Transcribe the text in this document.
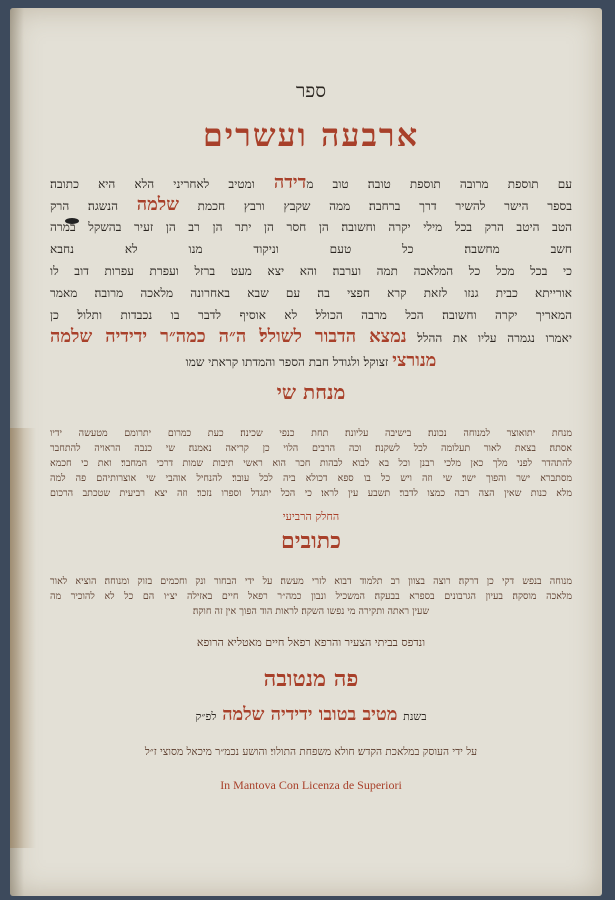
ספר
ארבעה ועשרים
עם תוספת מרובה תוספת טובה׃ טוב מדידה ומטיב לאחריני הלא היא כתובה׃
בספר הישר להשיר דרך ברחבה׃ ממה שקבץ ורבץ חכמת שלמה הנשגה׃ הרק
הטב היטב הרק בכל מילי יקרה וחשובה׃ הן חסר הן יתר הן רב הן זעיר בהשקל במרה
חשב מחשבה׃ כל טעם וניקוד מנו לא נחבא
כי בכל מכל כל המלאכה תמה וערבה׃ והא יצא מעט ברזל ועפרת עפרות דוב לו
אורייתא כבית גנזו לזאת קרא חפצי בה׃ עם שבא באחרונה מלאכה מרובה׃ מאמר
המאריך יקרה וחשובה׃ הכל מרבה הכולל׃ לא אוסיף לדבר בו נכבדות ותלול׃ כן
יאמרו נגמרה עליו את ההלל׃ נמצא הדבור לשולל׃ ה״ה כמה״ר ידידיה שלמה
מנורצי זצוקל׃ ולגודל חבת הספר והמדתו קראתי שמו
מנחת שי
מנחת יתואוצר למנוחה נכונה׃ בישיבה עליונה׃ תחת כנפי שכינה׃ כעת כמרום יתרומם מטעשה ידיו
אסתה׃ בצאת לאור תעלומה לכל לשקנה׃ וכה הרבים הלוי כן קריאה נאמנה׃ שי כנבה הראויה להתחבר
להתהדר לפני מלך כאן מלכי רבנן וכל בא לבוא לבהות חכר הוא ראשי תיבות שמות דרכי המחבר׃ ואת כי חכמא
מסתברא ישר והפוך ישר׃ שי וזה ויש כל בו ספא דכולא ביה לכל עובר׃ להנחיל אוהבי שי אוצרותיהם פה למה
מלא כנות שאין הצה רבה כמצו לדבר׃ תשבע עין לראו׃ כי הכל יתגדל וספרו נזכר׃ וזה יצא רביעית שטכתב הרכום
החלק הרביעי
כתובים
מנוחה בנפש דקי כן דרקה׃ רוצה בצוון רב תלמוד דבוא לזרי מעשה׃ על ידי הבחור ונק וחכמים בזוק ומנוחה׃ הוציא לאור
מלאכה מוסקה׃ בעיון הגרבונים בספרא בבעקה׃ המשכיל ונבון כמה״ר רפאל חיים באזילה יצ״ו הם כל לא להוכיר מה
שעין ראתה ותקירה מי נפשו השקה׃ לראות הוד הפוך אין זה חוקה׃
ונדפס בביתי הצעיר והרפא רפאל חיים מאטליא הרופא
פה מנטובה
בשנת מטיב בטובו ידידיה שלמה לפ״ק
על ידי העוסק במלאכת הקדש׃ חולא משפחת התולוי׃ והושע נכמ״ר מיכאל מסוצי ז״ל
In Mantova Con Licenza de Superiori
